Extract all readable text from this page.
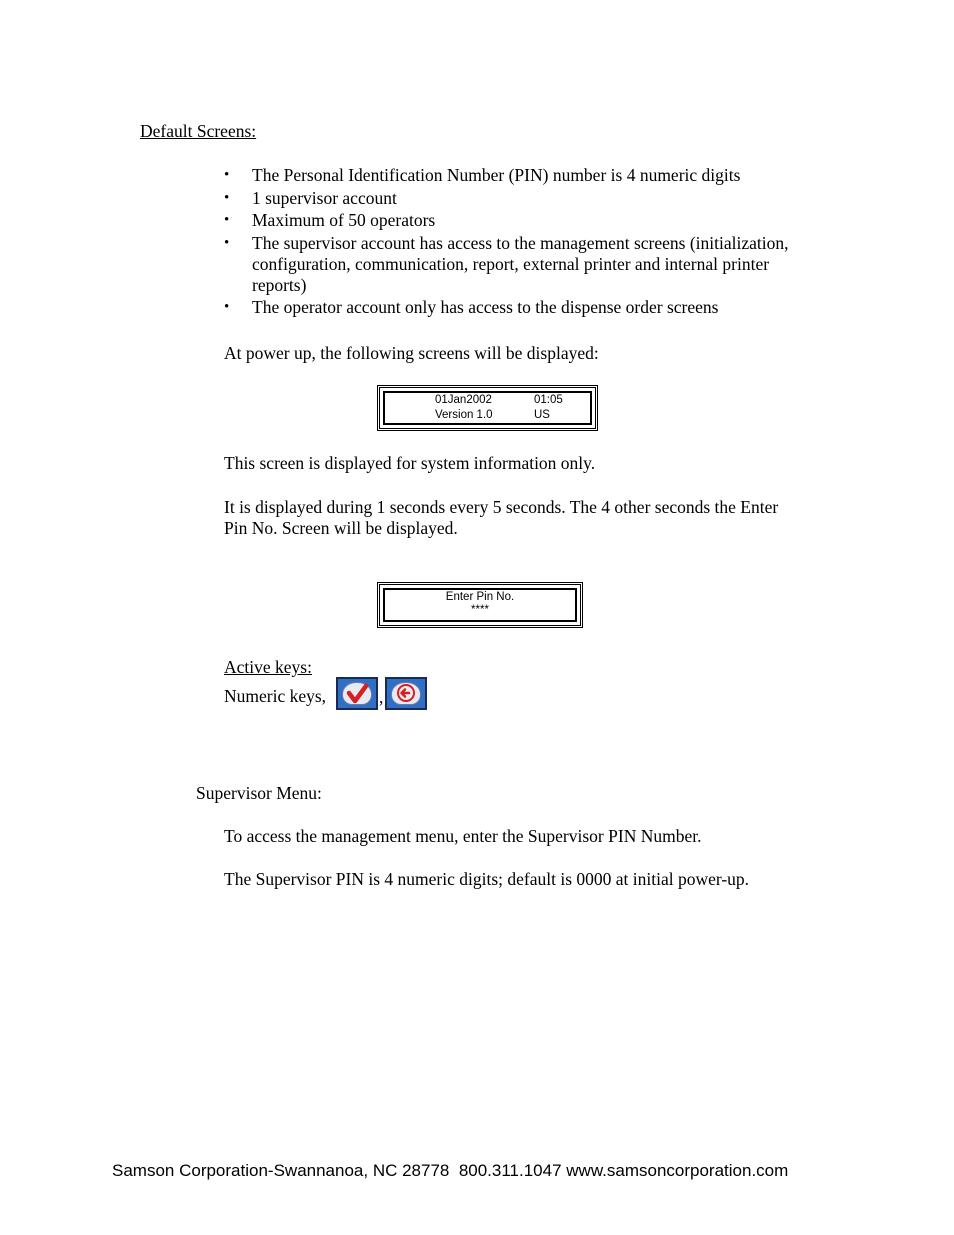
Default Screens:
• The Personal Identification Number (PIN) number is 4 numeric digits
• 1 supervisor account
• Maximum of 50 operators
• The supervisor account has access to the management screens (initialization, configuration, communication, report, external printer and internal printer reports)
• The operator account only has access to the dispense order screens
At power up, the following screens will be displayed:
01Jan2002	01:05
Version 1.0	US
This screen is displayed for system information only.
It is displayed during 1 seconds every 5 seconds. The 4 other seconds the Enter Pin No. Screen will be displayed.
Enter Pin No.
****
Active keys:
Numeric keys,	,
Supervisor Menu:
To access the management menu, enter the Supervisor PIN Number.
The Supervisor PIN is 4 numeric digits; default is 0000 at initial power-up.
Samson Corporation-Swannanoa, NC 28778  800.311.1047 www.samsoncorporation.com
